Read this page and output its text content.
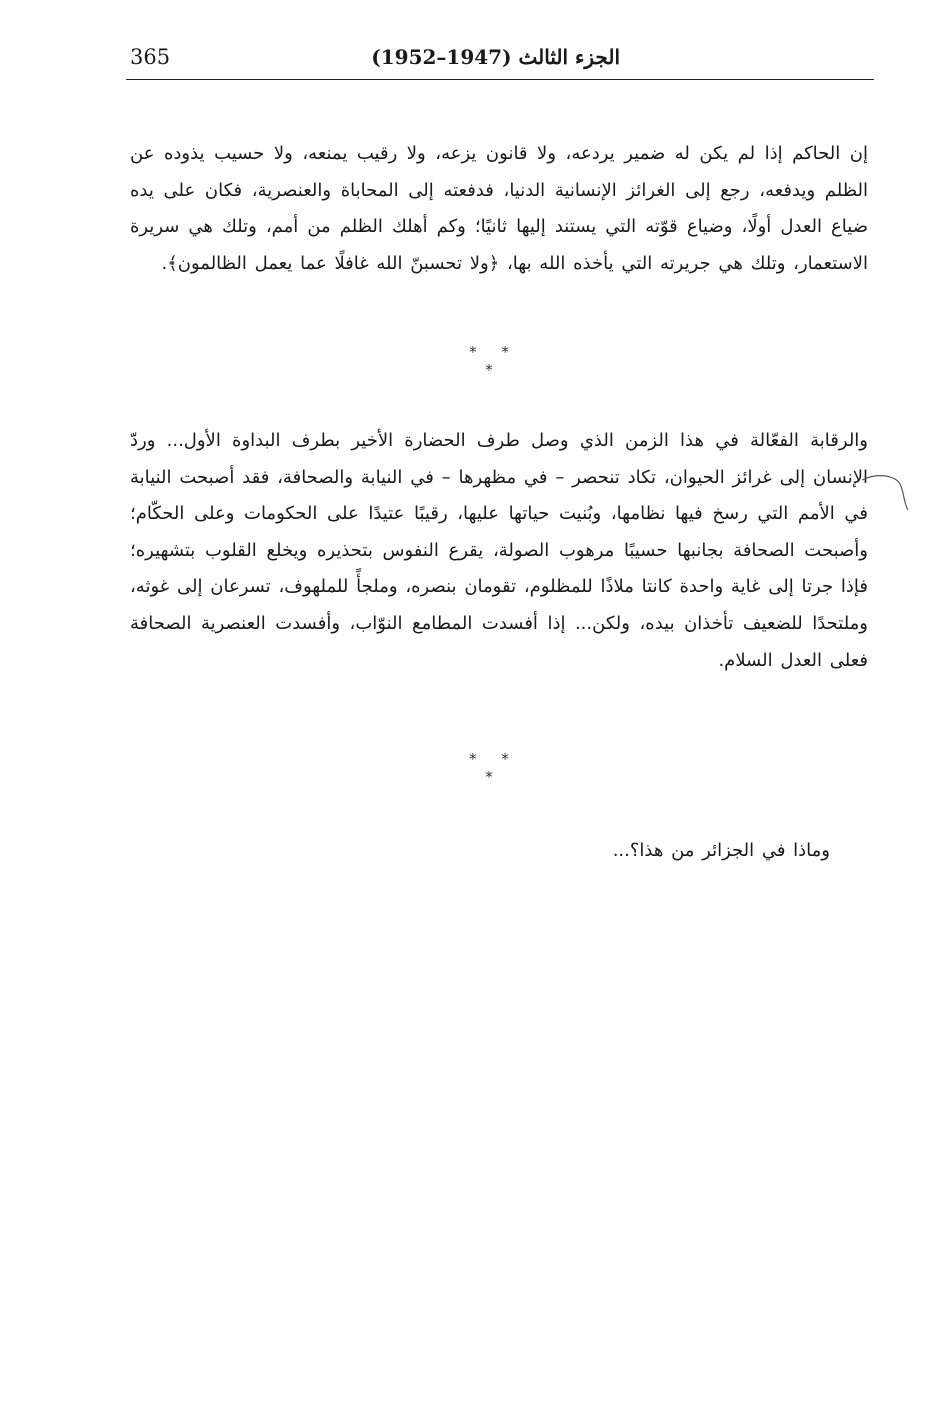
365	الجزء الثالث (1947–1952)

إن الحاكم إذا لم يكن له ضمير يردعه، ولا قانون يزعه، ولا رقيب يمنعه، ولا حسيب يذوده عن الظلم ويدفعه، رجع إلى الغرائز الإنسانية الدنيا، فدفعته إلى المحاباة والعنصرية، فكان على يده ضياع العدل أولًا، وضياع قوّته التي يستند إليها ثانيًا؛ وكم أهلك الظلم من أمم، وتلك هي سريرة الاستعمار، وتلك هي جريرته التي يأخذه الله بها، ﴿ولا تحسبنّ الله غافلًا عما يعمل الظالمون﴾.

* * *

والرقابة الفعّالة في هذا الزمن الذي وصل طرف الحضارة الأخير بطرف البداوة الأول... وردّ الإنسان إلى غرائز الحيوان، تكاد تنحصر – في مظهرها – في النيابة والصحافة، فقد أصبحت النيابة في الأمم التي رسخ فيها نظامها، وبُنيت حياتها عليها، رقيبًا عتيدًا على الحكومات وعلى الحكّام؛ وأصبحت الصحافة بجانبها حسيبًا مرهوب الصولة، يقرع النفوس بتحذيره ويخلع القلوب بتشهيره؛ فإذا جرتا إلى غاية واحدة كانتا ملاذًا للمظلوم، تقومان بنصره، وملجأً للملهوف، تسرعان إلى غوثه، وملتحدًا للضعيف تأخذان بيده، ولكن... إذا أفسدت المطامع النوّاب، وأفسدت العنصرية الصحافة فعلى العدل السلام.

* * *

وماذا في الجزائر من هذا؟...
